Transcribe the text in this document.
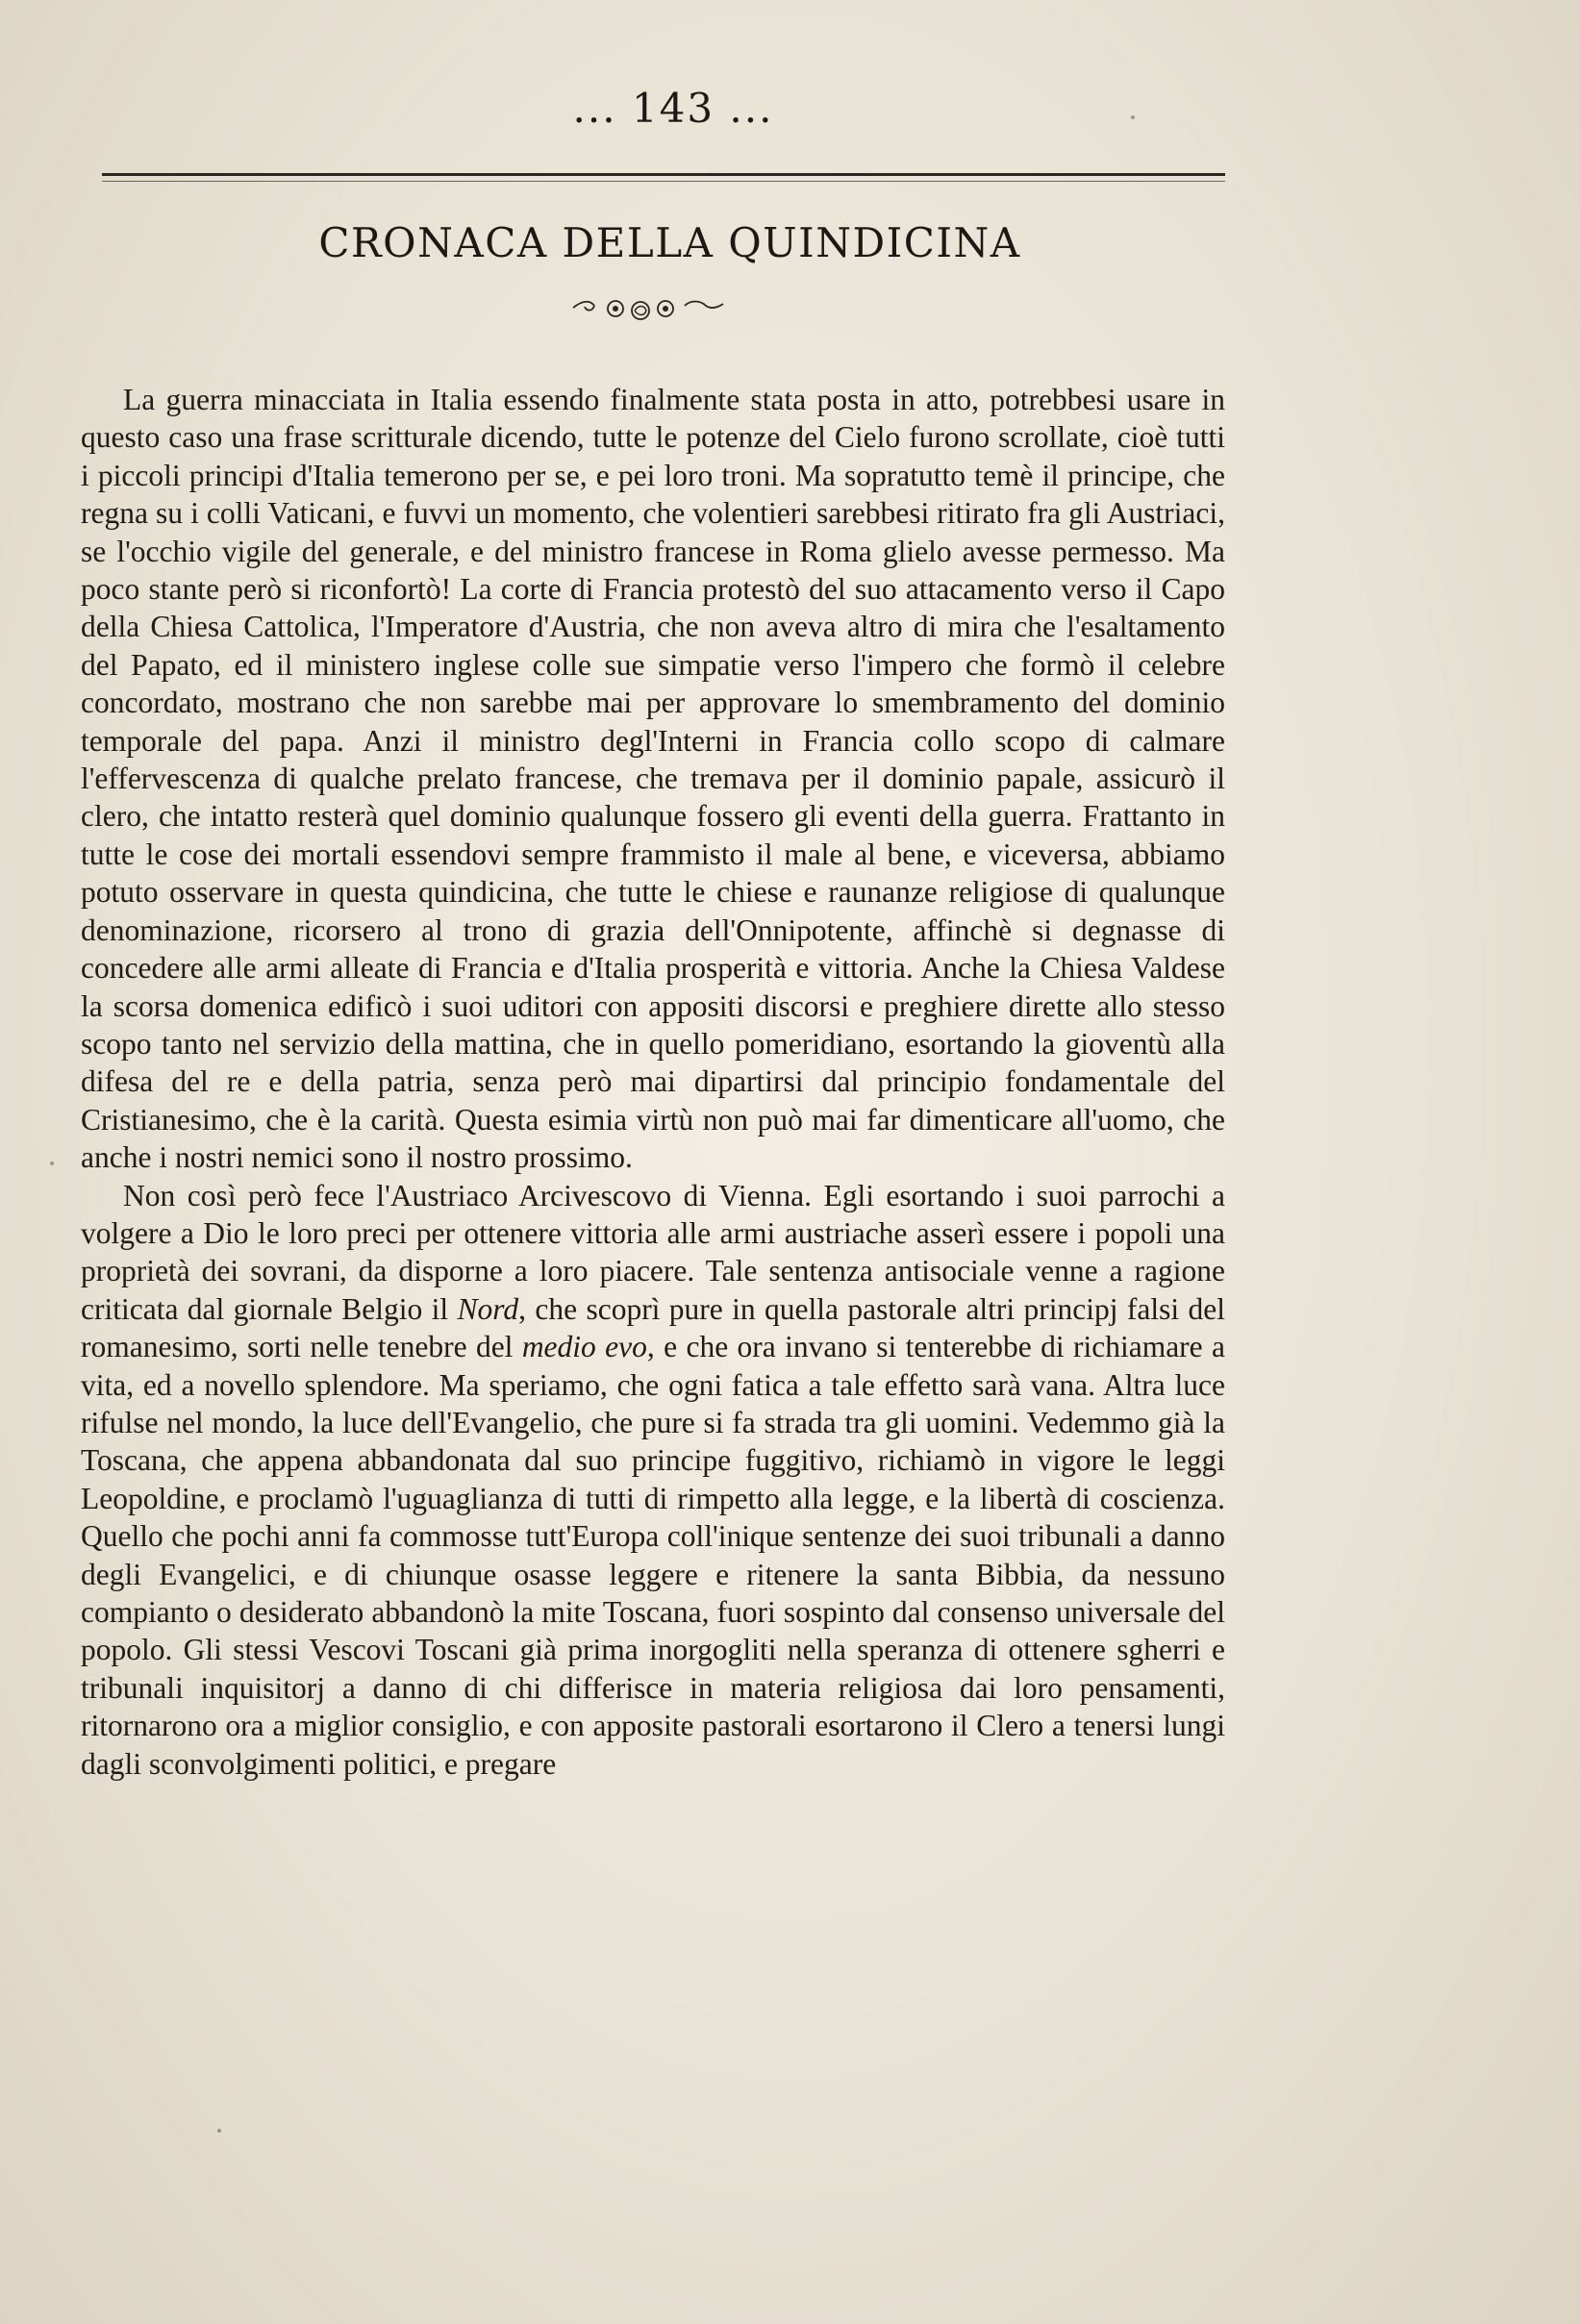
... 143 ...
CRONACA DELLA QUINDICINA

La guerra minacciata in Italia essendo finalmente stata posta in atto, potrebbesi usare in questo caso una frase scritturale dicendo, tutte le potenze del Cielo furono scrollate, cioè tutti i piccoli principi d'Italia temerono per se, e pei loro troni. Ma sopratutto temè il principe, che regna su i colli Vaticani, e fuvvi un momento, che volentieri sarebbesi ritirato fra gli Austriaci, se l'occhio vigile del generale, e del ministro francese in Roma glielo avesse permesso. Ma poco stante però si riconfortò! La corte di Francia protestò del suo attacamento verso il Capo della Chiesa Cattolica, l'Imperatore d'Austria, che non aveva altro di mira che l'esaltamento del Papato, ed il ministero inglese colle sue simpatie verso l'impero che formò il celebre concordato, mostrano che non sarebbe mai per approvare lo smembramento del dominio temporale del papa. Anzi il ministro degl'Interni in Francia collo scopo di calmare l'effervescenza di qualche prelato francese, che tremava per il dominio papale, assicurò il clero, che intatto resterà quel dominio qualunque fossero gli eventi della guerra. Frattanto in tutte le cose dei mortali essendovi sempre frammisto il male al bene, e viceversa, abbiamo potuto osservare in questa quindicina, che tutte le chiese e raunanze religiose di qualunque denominazione, ricorsero al trono di grazia dell'Onnipotente, affinchè si degnasse di concedere alle armi alleate di Francia e d'Italia prosperità e vittoria. Anche la Chiesa Valdese la scorsa domenica edificò i suoi uditori con appositi discorsi e preghiere dirette allo stesso scopo tanto nel servizio della mattina, che in quello pomeridiano, esortando la gioventù alla difesa del re e della patria, senza però mai dipartirsi dal principio fondamentale del Cristianesimo, che è la carità. Questa esimia virtù non può mai far dimenticare all'uomo, che anche i nostri nemici sono il nostro prossimo.

Non così però fece l'Austriaco Arcivescovo di Vienna. Egli esortando i suoi parrochi a volgere a Dio le loro preci per ottenere vittoria alle armi austriache asserì essere i popoli una proprietà dei sovrani, da disporne a loro piacere. Tale sentenza antisociale venne a ragione criticata dal giornale Belgio il Nord, che scoprì pure in quella pastorale altri principj falsi del romanesimo, sorti nelle tenebre del medio evo, e che ora invano si tenterebbe di richiamare a vita, ed a novello splendore. Ma speriamo, che ogni fatica a tale effetto sarà vana. Altra luce rifulse nel mondo, la luce dell'Evangelio, che pure si fa strada tra gli uomini. Vedemmo già la Toscana, che appena abbandonata dal suo principe fuggitivo, richiamò in vigore le leggi Leopoldine, e proclamò l'uguaglianza di tutti di rimpetto alla legge, e la libertà di coscienza. Quello che pochi anni fa commosse tutt'Europa coll'inique sentenze dei suoi tribunali a danno degli Evangelici, e di chiunque osasse leggere e ritenere la santa Bibbia, da nessuno compianto o desiderato abbandonò la mite Toscana, fuori sospinto dal consenso universale del popolo. Gli stessi Vescovi Toscani già prima inorgogliti nella speranza di ottenere sgherri e tribunali inquisitorj a danno di chi differisce in materia religiosa dai loro pensamenti, ritornarono ora a miglior consiglio, e con apposite pastorali esortarono il Clero a tenersi lungi dagli sconvolgimenti politici, e pregare
